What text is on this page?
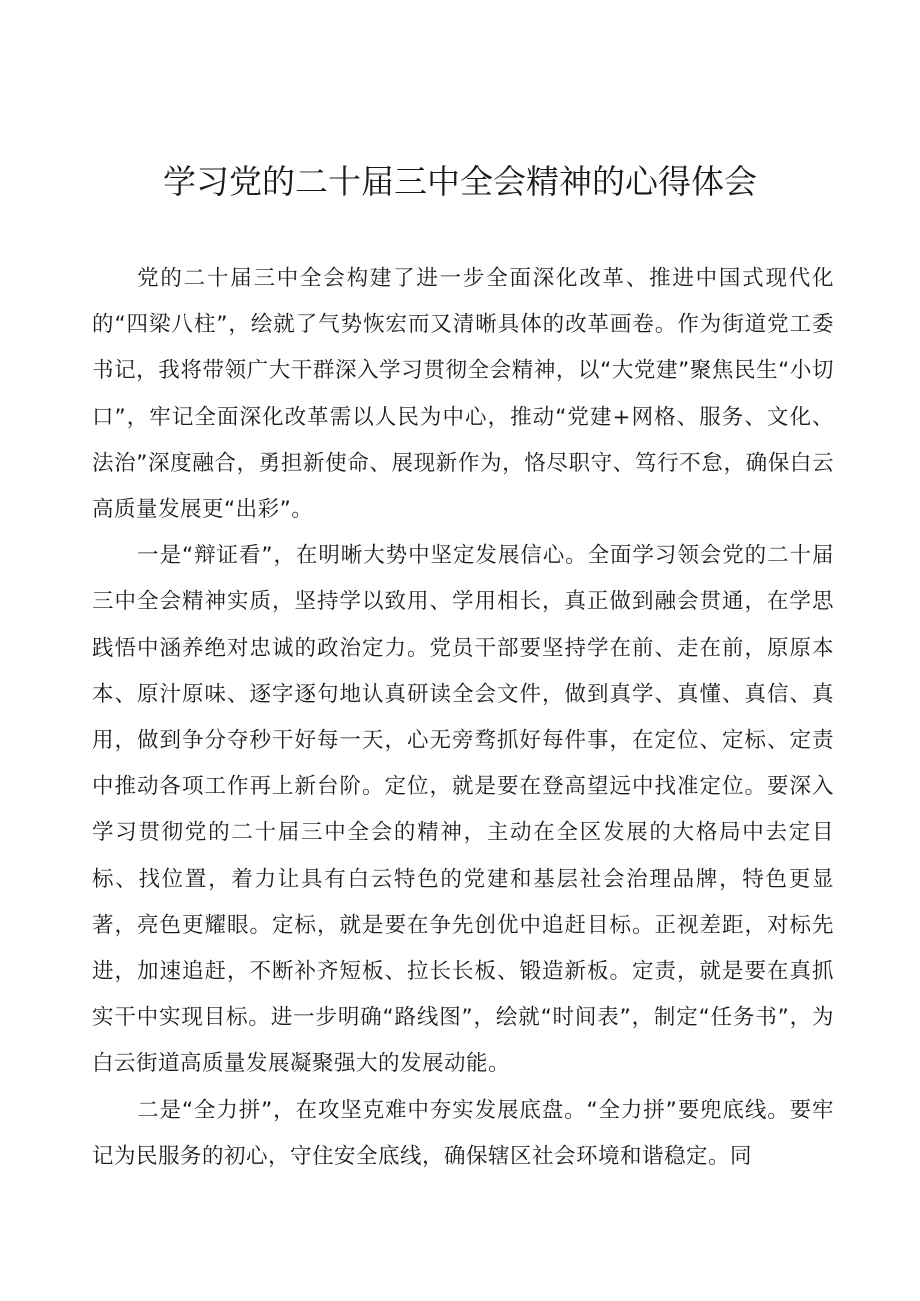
学习党的二十届三中全会精神的心得体会

党的二十届三中全会构建了进一步全面深化改革、推进中国式现代化的“四梁八柱”，绘就了气势恢宏而又清晰具体的改革画卷。作为街道党工委书记，我将带领广大干群深入学习贯彻全会精神，以“大党建”聚焦民生“小切口”，牢记全面深化改革需以人民为中心，推动“党建+网格、服务、文化、法治”深度融合，勇担新使命、展现新作为，恪尽职守、笃行不怠，确保白云高质量发展更“出彩”。

一是“辩证看”，在明晰大势中坚定发展信心。全面学习领会党的二十届三中全会精神实质，坚持学以致用、学用相长，真正做到融会贯通，在学思践悟中涵养绝对忠诚的政治定力。党员干部要坚持学在前、走在前，原原本本、原汁原味、逐字逐句地认真研读全会文件，做到真学、真懂、真信、真用，做到争分夺秒干好每一天，心无旁骛抓好每件事，在定位、定标、定责中推动各项工作再上新台阶。定位，就是要在登高望远中找准定位。要深入学习贯彻党的二十届三中全会的精神，主动在全区发展的大格局中去定目标、找位置，着力让具有白云特色的党建和基层社会治理品牌，特色更显著，亮色更耀眼。定标，就是要在争先创优中追赶目标。正视差距，对标先进，加速追赶，不断补齐短板、拉长长板、锻造新板。定责，就是要在真抓实干中实现目标。进一步明确“路线图”，绘就“时间表”，制定“任务书”，为白云街道高质量发展凝聚强大的发展动能。

二是“全力拼”，在攻坚克难中夯实发展底盘。“全力拼”要兜底线。要牢记为民服务的初心，守住安全底线，确保辖区社会环境和谐稳定。同
